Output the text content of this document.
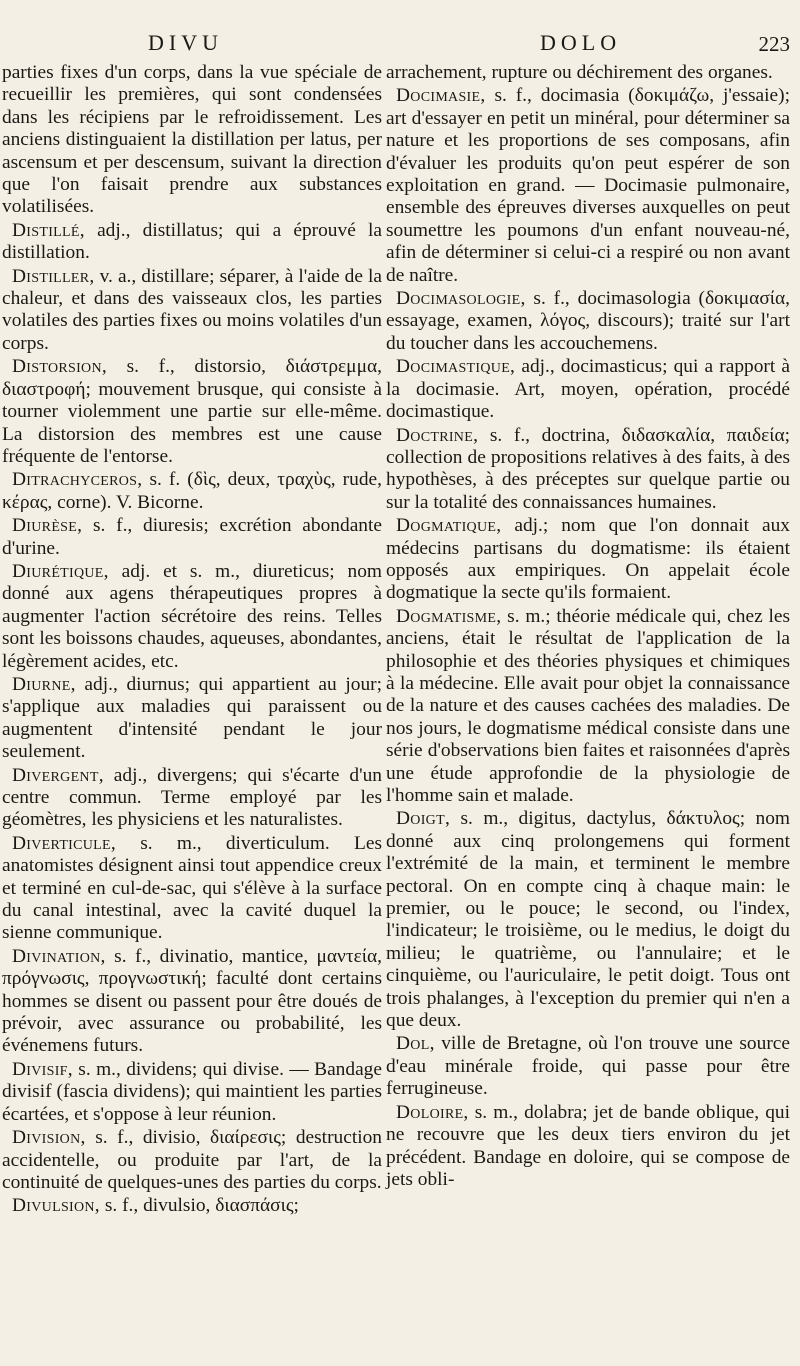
DIVU	DOLO	223

parties fixes d'un corps, dans la vue spéciale de recueillir les premières, qui sont condensées dans les récipiens par le refroidissement. Les anciens distinguaient la distillation per latus, per ascensum et per descensum, suivant la direction que l'on faisait prendre aux substances volatilisées.

Distillé, adj., distillatus; qui a éprouvé la distillation.

Distiller, v. a., distillare; séparer, à l'aide de la chaleur, et dans des vaisseaux clos, les parties volatiles des parties fixes ou moins volatiles d'un corps.

Distorsion, s. f., distorsio, διάστρεμμα, διαστροφή; mouvement brusque, qui consiste à tourner violemment une partie sur elle-même. La distorsion des membres est une cause fréquente de l'entorse.

Ditrachyceros, s. f. (δὶς, deux, τραχὺς, rude, κέρας, corne). V. Bicorne.

Diurèse, s. f., diuresis; excrétion abondante d'urine.

Diurétique, adj. et s. m., diureticus; nom donné aux agens thérapeutiques propres à augmenter l'action sécrétoire des reins. Telles sont les boissons chaudes, aqueuses, abondantes, légèrement acides, etc.

Diurne, adj., diurnus; qui appartient au jour; s'applique aux maladies qui paraissent ou augmentent d'intensité pendant le jour seulement.

Divergent, adj., divergens; qui s'écarte d'un centre commun. Terme employé par les géomètres, les physiciens et les naturalistes.

Diverticule, s. m., diverticulum. Les anatomistes désignent ainsi tout appendice creux et terminé en cul-de-sac, qui s'élève à la surface du canal intestinal, avec la cavité duquel la sienne communique.

Divination, s. f., divinatio, mantice, μαντεία, πρόγνωσις, προγνωστική; faculté dont certains hommes se disent ou passent pour être doués de prévoir, avec assurance ou probabilité, les événemens futurs.

Divisif, s. m., dividens; qui divise. — Bandage divisif (fascia dividens); qui maintient les parties écartées, et s'oppose à leur réunion.

Division, s. f., divisio, διαίρεσις; destruction accidentelle, ou produite par l'art, de la continuité de quelques-unes des parties du corps.

Divulsion, s. f., divulsio, διασπάσις;

arrachement, rupture ou déchirement des organes.

Docimasie, s. f., docimasia (δοκιμάζω, j'essaie); art d'essayer en petit un minéral, pour déterminer sa nature et les proportions de ses composans, afin d'évaluer les produits qu'on peut espérer de son exploitation en grand. — Docimasie pulmonaire, ensemble des épreuves diverses auxquelles on peut soumettre les poumons d'un enfant nouveau-né, afin de déterminer si celui-ci a respiré ou non avant de naître.

Docimasologie, s. f., docimasologia (δοκιμασία, essayage, examen, λόγος, discours); traité sur l'art du toucher dans les accouchemens.

Docimastique, adj., docimasticus; qui a rapport à la docimasie. Art, moyen, opération, procédé docimastique.

Doctrine, s. f., doctrina, διδασκαλία, παιδεία; collection de propositions relatives à des faits, à des hypothèses, à des préceptes sur quelque partie ou sur la totalité des connaissances humaines.

Dogmatique, adj.; nom que l'on donnait aux médecins partisans du dogmatisme: ils étaient opposés aux empiriques. On appelait école dogmatique la secte qu'ils formaient.

Dogmatisme, s. m.; théorie médicale qui, chez les anciens, était le résultat de l'application de la philosophie et des théories physiques et chimiques à la médecine. Elle avait pour objet la connaissance de la nature et des causes cachées des maladies. De nos jours, le dogmatisme médical consiste dans une série d'observations bien faites et raisonnées d'après une étude approfondie de la physiologie de l'homme sain et malade.

Doigt, s. m., digitus, dactylus, δάκτυλος; nom donné aux cinq prolongemens qui forment l'extrémité de la main, et terminent le membre pectoral. On en compte cinq à chaque main: le premier, ou le pouce; le second, ou l'index, l'indicateur; le troisième, ou le medius, le doigt du milieu; le quatrième, ou l'annulaire; et le cinquième, ou l'auriculaire, le petit doigt. Tous ont trois phalanges, à l'exception du premier qui n'en a que deux.

Dol, ville de Bretagne, où l'on trouve une source d'eau minérale froide, qui passe pour être ferrugineuse.

Doloire, s. m., dolabra; jet de bande oblique, qui ne recouvre que les deux tiers environ du jet précédent. Bandage en doloire, qui se compose de jets obli-
